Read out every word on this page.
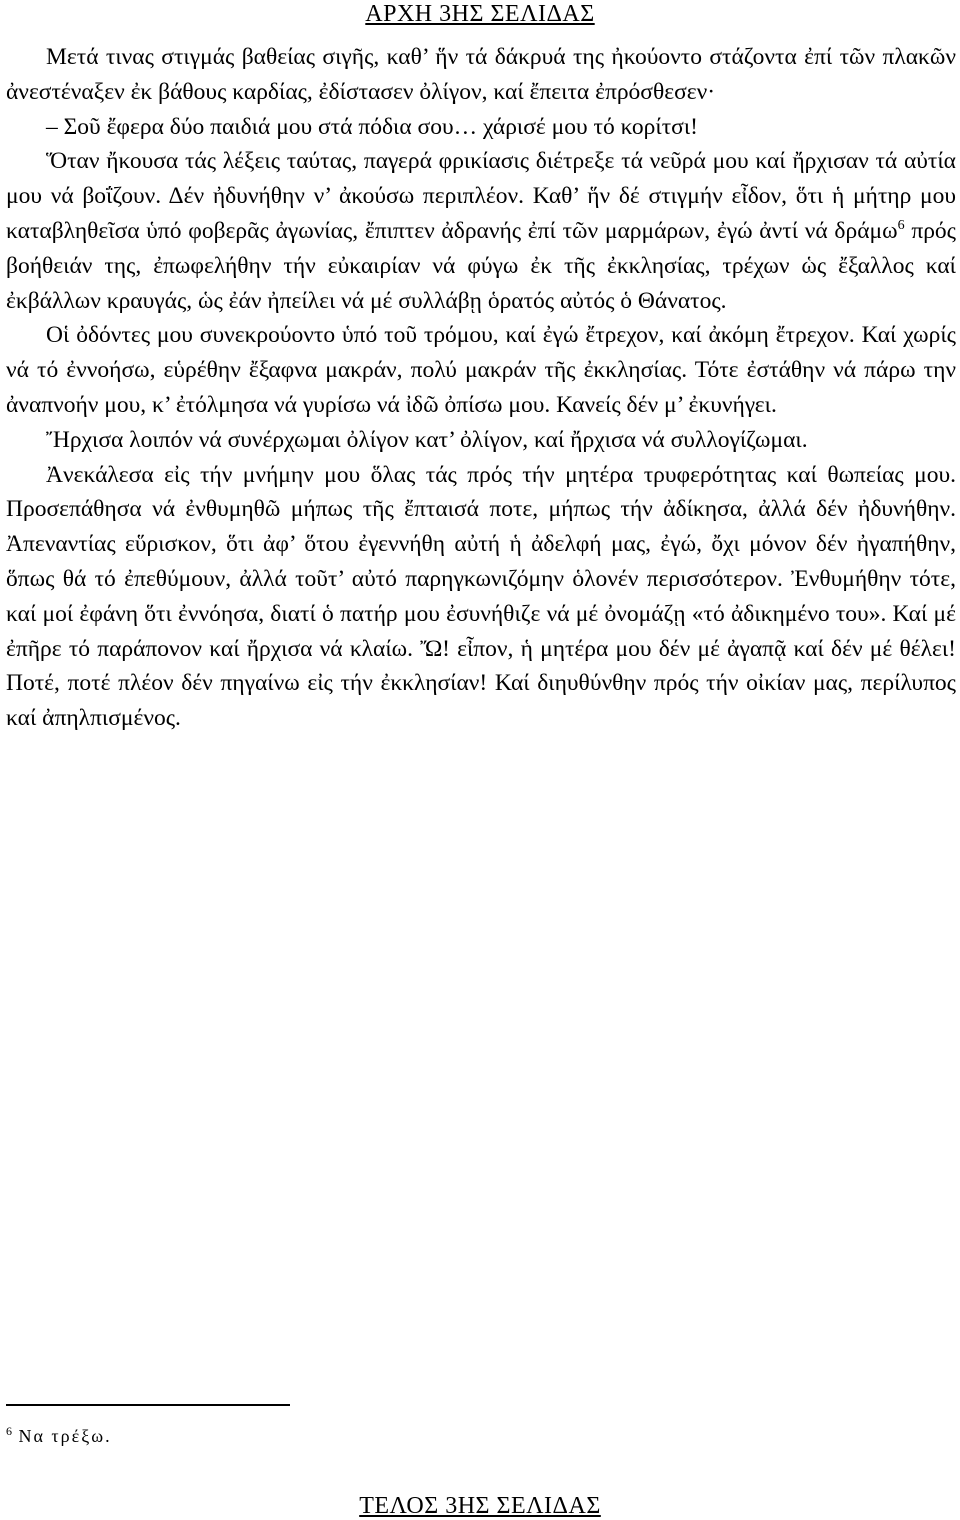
ΑΡΧΗ 3ΗΣ ΣΕΛΙΔΑΣ

Μετά τινας στιγμάς βαθείας σιγῆς, καθ’ ἥν τά δάκρυά της ἠκούοντο στάζοντα ἐπί τῶν πλακῶν ἀνεστέναξεν ἐκ βάθους καρδίας, ἐδίστασεν ὀλίγον, καί ἔπειτα ἐπρόσθεσεν·

– Σοῦ ἔφερα δύο παιδιά μου στά πόδια σου… χάρισέ μου τό κορίτσι!

Ὅταν ἤκουσα τάς λέξεις ταύτας, παγερά φρικίασις διέτρεξε τά νεῦρά μου καί ἤρχισαν τά αὐτία μου νά βοΐζουν. Δέν ἠδυνήθην ν’ ἀκούσω περιπλέον. Καθ’ ἥν δέ στιγμήν εἶδον, ὅτι ἡ μήτηρ μου καταβληθεῖσα ὑπό φοβερᾶς ἀγωνίας, ἔπιπτεν ἀδρανής ἐπί τῶν μαρμάρων, ἐγώ ἀντί νά δράμω$^6$ πρός βοήθειάν της, ἐπωφελήθην τήν εὐκαιρίαν νά φύγω ἐκ τῆς ἐκκλησίας, τρέχων ὡς ἔξαλλος καί ἐκβάλλων κραυγάς, ὡς ἐάν ἠπείλει νά μέ συλλάβῃ ὁρατός αὐτός ὁ Θάνατος.

Οἱ ὀδόντες μου συνεκρούοντο ὑπό τοῦ τρόμου, καί ἐγώ ἔτρεχον, καί ἀκόμη ἔτρεχον. Καί χωρίς νά τό ἐννοήσω, εὑρέθην ἔξαφνα μακράν, πολύ μακράν τῆς ἐκκλησίας. Τότε ἐστάθην νά πάρω την ἀναπνοήν μου, κ’ ἐτόλμησα νά γυρίσω νά ἰδῶ ὀπίσω μου. Κανείς δέν μ’ ἐκυνήγει.

Ἤρχισα λοιπόν νά συνέρχωμαι ὀλίγον κατ’ ὀλίγον, καί ἤρχισα νά συλλογίζωμαι.

Ἀνεκάλεσα εἰς τήν μνήμην μου ὅλας τάς πρός τήν μητέρα τρυφερότητας καί θωπείας μου. Προσεπάθησα νά ἐνθυμηθῶ μήπως τῆς ἔπταισά ποτε, μήπως τήν ἀδίκησα, ἀλλά δέν ἠδυνήθην. Ἀπεναντίας εὕρισκον, ὅτι ἀφ’ ὅτου ἐγεννήθη αὐτή ἡ ἀδελφή μας, ἐγώ, ὄχι μόνον δέν ἠγαπήθην, ὅπως θά τό ἐπεθύμουν, ἀλλά τοῦτ’ αὐτό παρηγκωνιζόμην ὁλονέν περισσότερον. Ἐνθυμήθην τότε, καί μοί ἐφάνη ὅτι ἐννόησα, διατί ὁ πατήρ μου ἐσυνήθιζε νά μέ ὀνομάζῃ «τό ἀδικημένο του». Καί μέ ἐπῆρε τό παράπονον καί ἤρχισα νά κλαίω. Ὤ! εἶπον, ἡ μητέρα μου δέν μέ ἀγαπᾷ καί δέν μέ θέλει! Ποτέ, ποτέ πλέον δέν πηγαίνω εἰς τήν ἐκκλησίαν! Καί διηυθύνθην πρός τήν οἰκίαν μας, περίλυπος καί ἀπηλπισμένος.

$^6$ Να τρέξω.
ΤΕΛΟΣ 3ΗΣ ΣΕΛΙΔΑΣ
